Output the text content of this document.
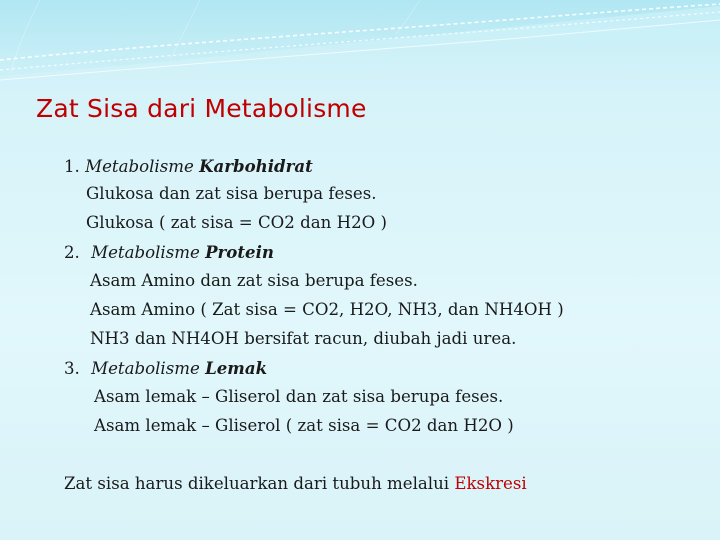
Zat Sisa dari Metabolisme
1. Metabolisme Karbohidrat
Glukosa dan zat sisa berupa feses.
Glukosa ( zat sisa = CO2 dan H2O )
2. Metabolisme Protein
Asam Amino dan zat sisa berupa feses.
Asam Amino ( Zat sisa = CO2, H2O, NH3, dan NH4OH )
NH3 dan NH4OH bersifat racun, diubah jadi urea.
3. Metabolisme Lemak
Asam lemak – Gliserol dan zat sisa berupa feses.
Asam lemak – Gliserol ( zat sisa = CO2 dan H2O )
Zat sisa harus dikeluarkan dari tubuh melalui Ekskresi
